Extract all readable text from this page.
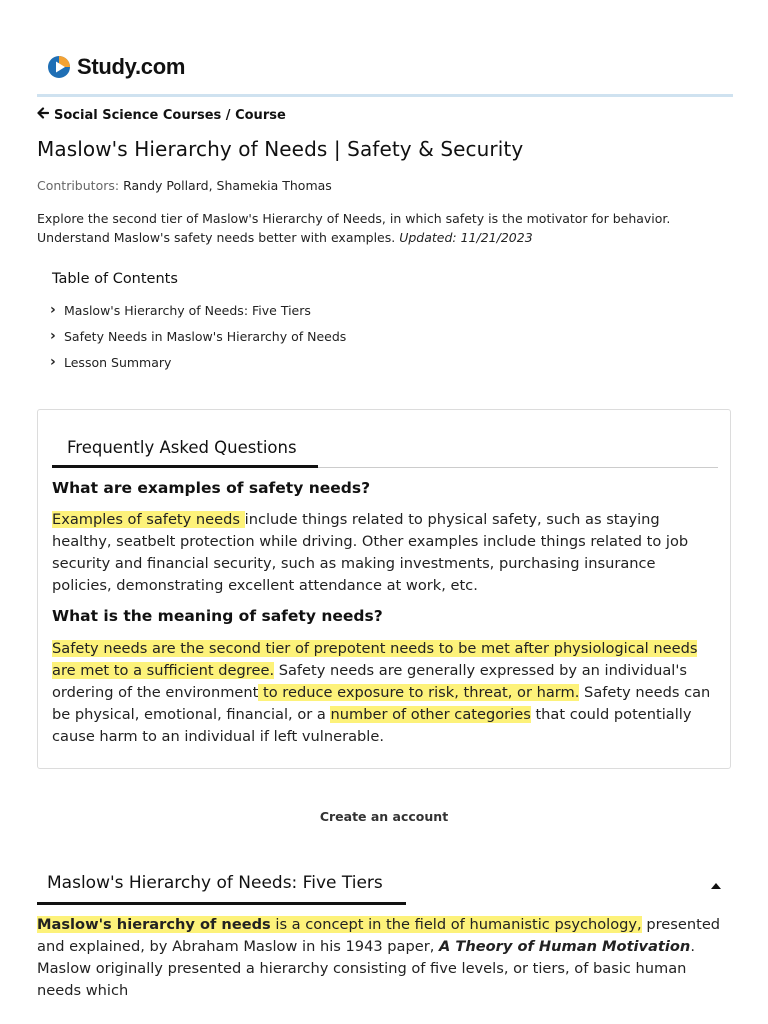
Study.com
Social Science Courses / Course
Maslow's Hierarchy of Needs | Safety & Security
Contributors: Randy Pollard, Shamekia Thomas
Explore the second tier of Maslow's Hierarchy of Needs, in which safety is the motivator for behavior. Understand Maslow's safety needs better with examples. Updated: 11/21/2023
Table of Contents
› Maslow's Hierarchy of Needs: Five Tiers
› Safety Needs in Maslow's Hierarchy of Needs
› Lesson Summary
Frequently Asked Questions
What are examples of safety needs?
Examples of safety needs include things related to physical safety, such as staying healthy, seatbelt protection while driving. Other examples include things related to job security and financial security, such as making investments, purchasing insurance policies, demonstrating excellent attendance at work, etc.
What is the meaning of safety needs?
Safety needs are the second tier of prepotent needs to be met after physiological needs are met to a sufficient degree. Safety needs are generally expressed by an individual's ordering of the environment to reduce exposure to risk, threat, or harm. Safety needs can be physical, emotional, financial, or a number of other categories that could potentially cause harm to an individual if left vulnerable.
Create an account
Maslow's Hierarchy of Needs: Five Tiers
Maslow's hierarchy of needs is a concept in the field of humanistic psychology, presented and explained, by Abraham Maslow in his 1943 paper, A Theory of Human Motivation. Maslow originally presented a hierarchy consisting of five levels, or tiers, of basic human needs which
